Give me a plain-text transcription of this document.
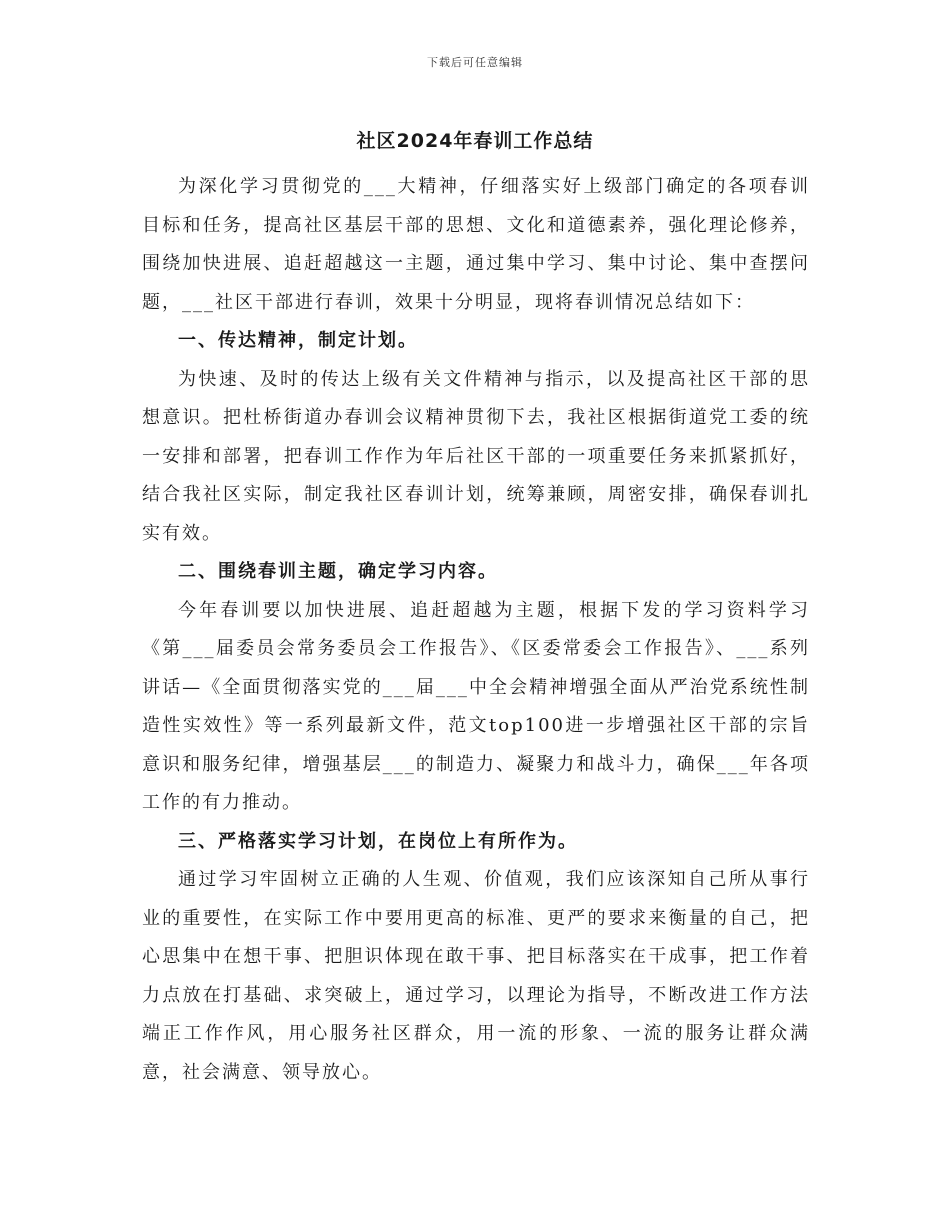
下载后可任意编辑
社区2024年春训工作总结

为深化学习贯彻党的___大精神，仔细落实好上级部门确定的各项春训目标和任务，提高社区基层干部的思想、文化和道德素养，强化理论修养，围绕加快进展、追赶超越这一主题，通过集中学习、集中讨论、集中查摆问题，___社区干部进行春训，效果十分明显，现将春训情况总结如下：

一、传达精神，制定计划。

为快速、及时的传达上级有关文件精神与指示，以及提高社区干部的思想意识。把杜桥街道办春训会议精神贯彻下去，我社区根据街道党工委的统一安排和部署，把春训工作作为年后社区干部的一项重要任务来抓紧抓好，结合我社区实际，制定我社区春训计划，统筹兼顾，周密安排，确保春训扎实有效。

二、围绕春训主题，确定学习内容。

今年春训要以加快进展、追赶超越为主题，根据下发的学习资料学习《第___届委员会常务委员会工作报告》、《区委常委会工作报告》、___系列讲话—《全面贯彻落实党的___届___中全会精神增强全面从严治党系统性制造性实效性》等一系列最新文件，范文top100进一步增强社区干部的宗旨意识和服务纪律，增强基层___的制造力、凝聚力和战斗力，确保___年各项工作的有力推动。

三、严格落实学习计划，在岗位上有所作为。

通过学习牢固树立正确的人生观、价值观，我们应该深知自己所从事行业的重要性，在实际工作中要用更高的标准、更严的要求来衡量的自己，把心思集中在想干事、把胆识体现在敢干事、把目标落实在干成事，把工作着力点放在打基础、求突破上，通过学习，以理论为指导，不断改进工作方法端正工作作风，用心服务社区群众，用一流的形象、一流的服务让群众满意，社会满意、领导放心。
